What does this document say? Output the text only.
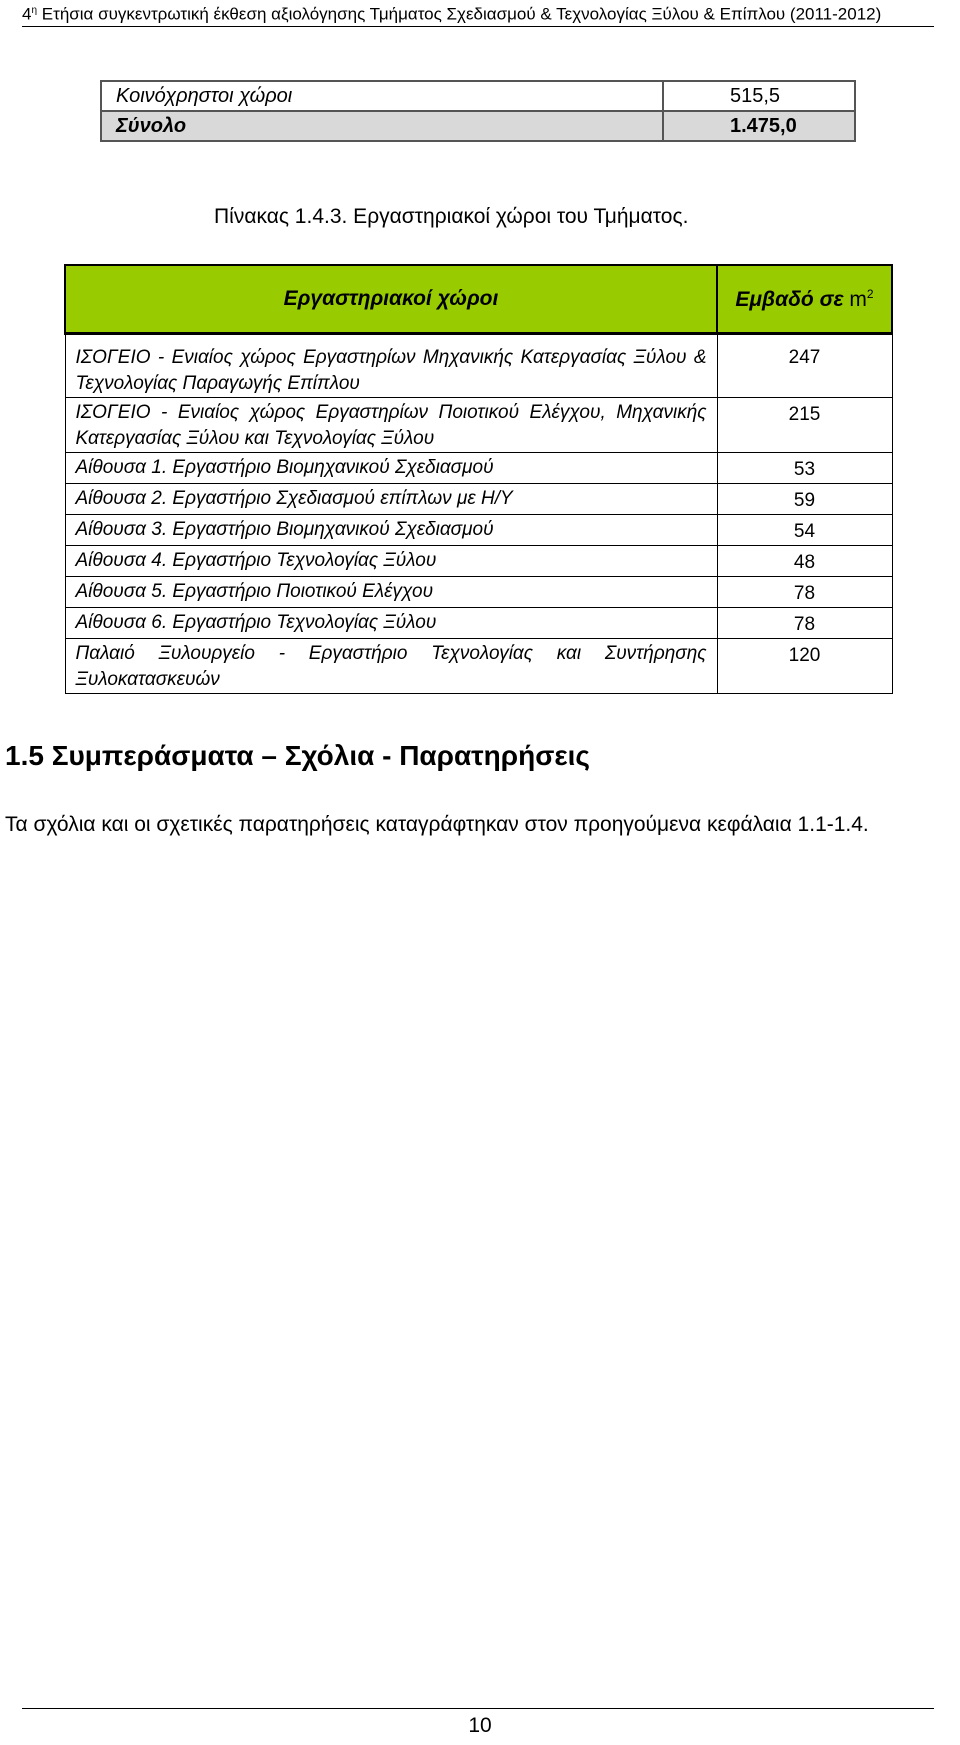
$4^\eta$ Ετήσια συγκεντρωτική έκθεση αξιολόγησης Τμήματος Σχεδιασμού & Τεχνολογίας Ξύλου & Επίπλου (2011-2012)
Κοινόχρηστοι χώροι	515,5
Σύνολο	1.475,0
Πίνακας 1.4.3. Εργαστηριακοί χώροι του Τμήματος.
Εργαστηριακοί χώροι	Εμβαδό σε $m^2$
ΙΣΟΓΕΙΟ - Ενιαίος χώρος Εργαστηρίων Μηχανικής Κατεργασίας Ξύλου & Τεχνολογίας Παραγωγής Επίπλου	247
ΙΣΟΓΕΙΟ - Ενιαίος χώρος Εργαστηρίων Ποιοτικού Ελέγχου, Μηχανικής Κατεργασίας Ξύλου και Τεχνολογίας Ξύλου	215
Αίθουσα 1. Εργαστήριο Βιομηχανικού Σχεδιασμού	53
Αίθουσα 2. Εργαστήριο Σχεδιασμού επίπλων με Η/Υ	59
Αίθουσα 3. Εργαστήριο Βιομηχανικού Σχεδιασμού	54
Αίθουσα 4. Εργαστήριο Τεχνολογίας Ξύλου	48
Αίθουσα 5. Εργαστήριο Ποιοτικού Ελέγχου	78
Αίθουσα 6. Εργαστήριο Τεχνολογίας Ξύλου	78
Παλαιό Ξυλουργείο - Εργαστήριο Τεχνολογίας και Συντήρησης Ξυλοκατασκευών	120
1.5 Συμπεράσματα – Σχόλια - Παρατηρήσεις
Τα σχόλια και οι σχετικές παρατηρήσεις καταγράφτηκαν στον προηγούμενα κεφάλαια 1.1-1.4.
10
